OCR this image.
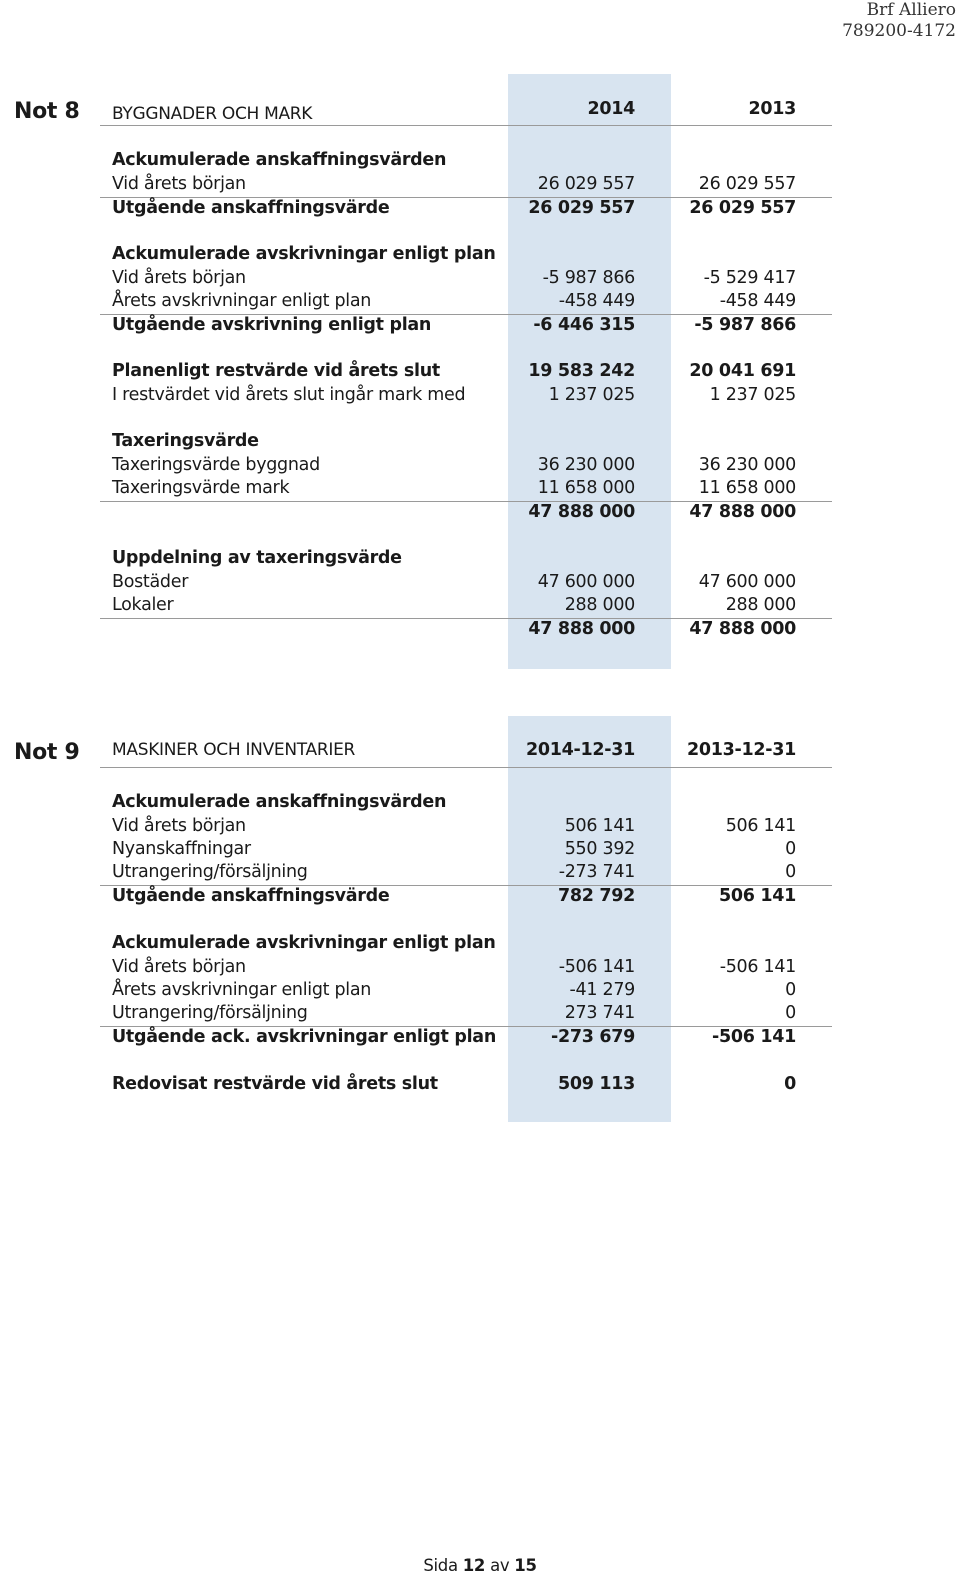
Brf Alliero
789200-4172
Not 8 BYGGNADER OCH MARK	2014	2013
Ackumulerade anskaffningsvärden
Vid årets början	26 029 557	26 029 557
Utgående anskaffningsvärde	26 029 557	26 029 557
Ackumulerade avskrivningar enligt plan
Vid årets början	-5 987 866	-5 529 417
Årets avskrivningar enligt plan	-458 449	-458 449
Utgående avskrivning enligt plan	-6 446 315	-5 987 866
Planenligt restvärde vid årets slut	19 583 242	20 041 691
I restvärdet vid årets slut ingår mark med	1 237 025	1 237 025
Taxeringsvärde
Taxeringsvärde byggnad	36 230 000	36 230 000
Taxeringsvärde mark	11 658 000	11 658 000
47 888 000	47 888 000
Uppdelning av taxeringsvärde
Bostäder	47 600 000	47 600 000
Lokaler	288 000	288 000
47 888 000	47 888 000
Not 9 MASKINER OCH INVENTARIER	2014-12-31	2013-12-31
Ackumulerade anskaffningsvärden
Vid årets början	506 141	506 141
Nyanskaffningar	550 392	0
Utrangering/försäljning	-273 741	0
Utgående anskaffningsvärde	782 792	506 141
Ackumulerade avskrivningar enligt plan
Vid årets början	-506 141	-506 141
Årets avskrivningar enligt plan	-41 279	0
Utrangering/försäljning	273 741	0
Utgående ack. avskrivningar enligt plan	-273 679	-506 141
Redovisat restvärde vid årets slut	509 113	0
Sida 12 av 15
